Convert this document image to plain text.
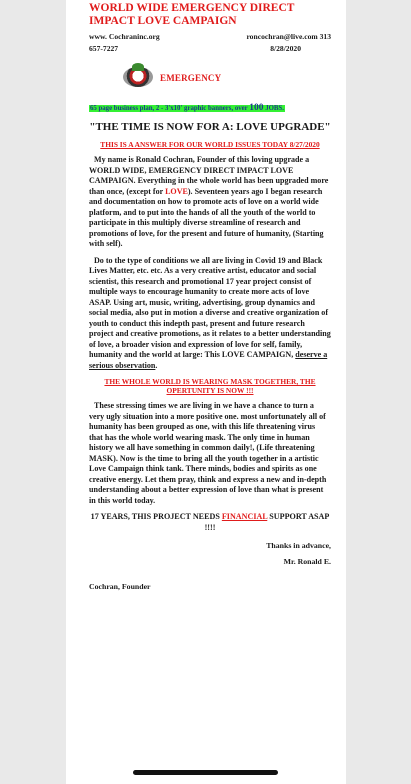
WORLD WIDE EMERGENCY DIRECT IMPACT LOVE CAMPAIGN
www. Cochraninc.org	roncochran@live.com 313
657-7227	8/28/2020
EMERGENCY
65 page business plan, 2 - 3'x10' graphic banners, over 100 JOBS.
"THE TIME IS NOW FOR A: LOVE UPGRADE"
THIS IS A ANSWER FOR OUR WORLD ISSUES TODAY 8/27/2020

My name is Ronald Cochran, Founder of this loving upgrade a WORLD WIDE, EMERGENCY DIRECT IMPACT LOVE CAMPAIGN. Everything in the whole world has been upgraded more than once, (except for LOVE). Seventeen years ago I began research and documentation on how to promote acts of love on a world wide platform, and to put into the hands of all the youth of the world to participate in this multiply diverse streamline of research and promotions of love, for the present and future of humanity, (Starting with self).

Do to the type of conditions we all are living in Covid 19 and Black Lives Matter, etc. etc. As a very creative artist, educator and social scientist, this research and promotional 17 year project consist of multiple ways to encourage humanity to create more acts of love ASAP. Using art, music, writing, advertising, group dynamics and social media, also put in motion a diverse and creative organization of youth to conduct this indepth past, present and future research project and creative promotions, as it relates to a better understanding of love, a broader vision and expression of love for self, family, humanity and the world at large: This LOVE CAMPAIGN, deserve a serious observation.

THE WHOLE WORLD IS WEARING MASK TOGETHER, THE OPERTUNITY IS NOW !!!

These stressing times we are living in we have a chance to turn a very ugly situation into a more positive one. most unfortunately all of humanity has been grouped as one, with this life threatening virus that has the whole world wearing mask. The only time in human history we all have something in common daily!, (Life threatening MASK). Now is the time to bring all the youth together in a artistic Love Campaign think tank. There minds, bodies and spirits as one creative energy. Let them pray, think and express a new and in-depth understanding about a better expression of love than what is present in this world today.

17 YEARS, THIS PROJECT NEEDS FINANCIAL SUPPORT ASAP !!!!
Thanks in advance,
Mr. Ronald E.
Cochran, Founder
